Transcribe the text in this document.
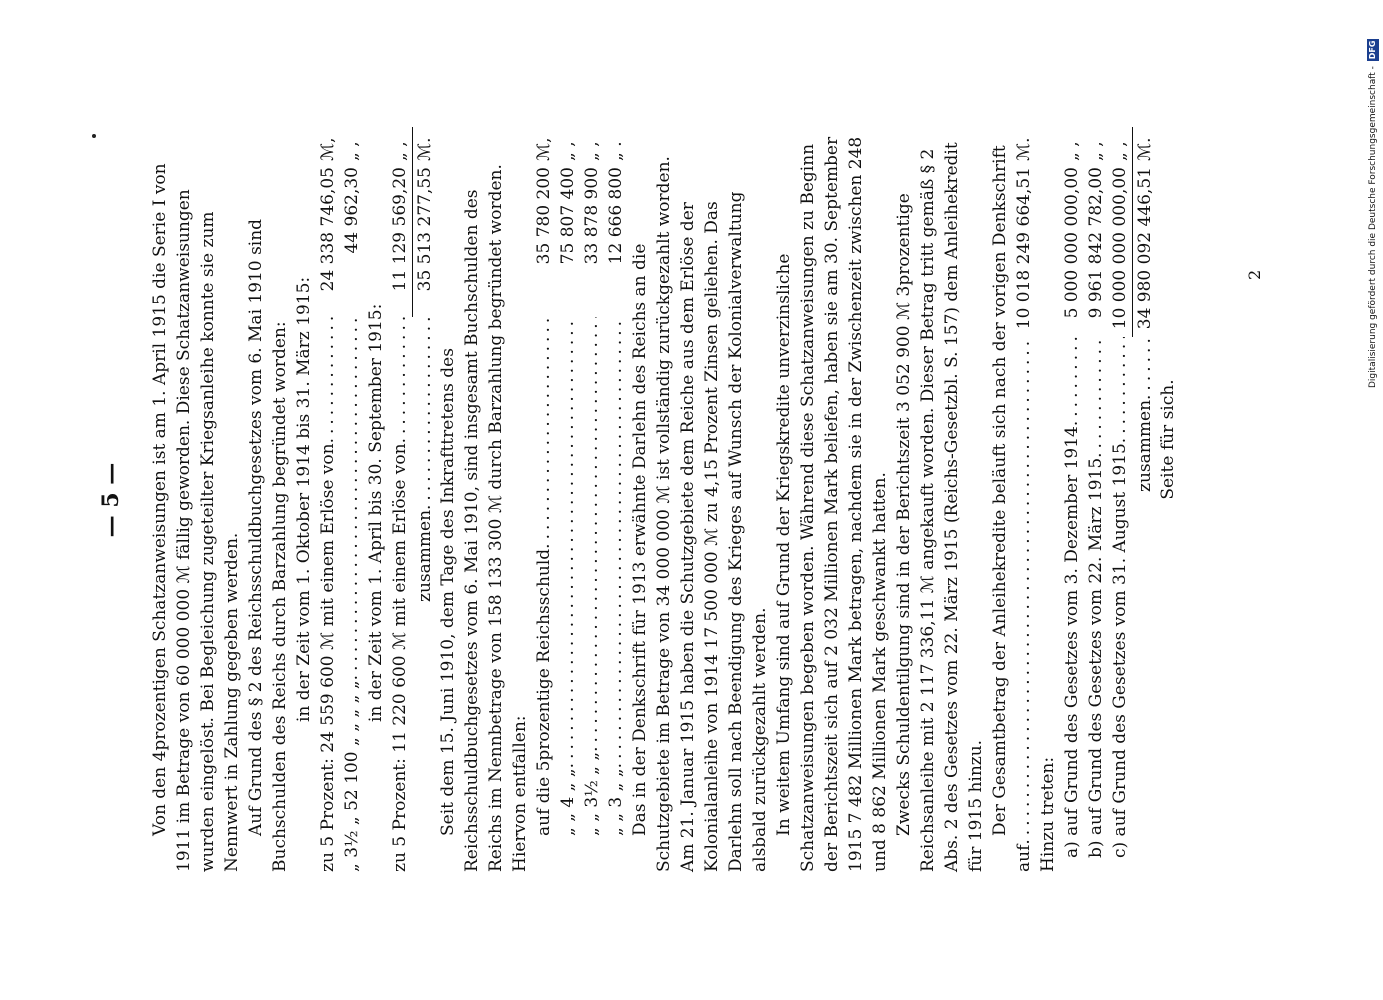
— 5 — Von den 4prozentigen Schatzanweisungen ist am 1. April 1915 die Serie I von 1911 im Betrage von 60 000 000 ℳ fällig geworden. Diese Schatzanweisungen wurden eingelöst. Bei Begleichung zugeteilter Kriegsanleihe konnte sie zum Nennwert in Zahlung gegeben werden. Auf Grund des § 2 des Reichsschuldbuchgesetzes vom 6. Mai 1910 sind Buchschulden des Reichs durch Barzahlung begründet worden: in der Zeit vom 1. Oktober 1914 bis 31. März 1915: zu 5 Prozent: 24 559 600 ℳ mit einem Erlöse von
.....
24 338 746,05
ℳ,
„ 3½ „ 52 100 „ „ „ „ „
.....
44 962,30
„ ,
in der Zeit vom 1. April bis 30. September 1915: zu 5 Prozent: 11 220 600 ℳ mit einem Erlöse von
.....
11 129 569,20
„ ,
zusammen
.....
35 513 277,55
ℳ.

Seit dem 15. Juni 1910, dem Tage des Inkrafttretens des Reichsschuldbuchgesetzes vom 6. Mai 1910, sind insgesamt Buchschulden des Reichs im Nennbetrage von 158 133 300 ℳ durch Barzahlung begründet worden. Hiervon entfallen: auf die 5prozentige Reichsschuld
.....
35 780 200
ℳ,
„ „ 4 „ „
.....
75 807 400
„ ,
„ „ 3½ „ „
.....
33 878 900
„ ,
„ „ 3 „ „
.....
12 666 800
„ .

Das in der Denkschrift für 1913 erwähnte Darlehn des Reichs an die Schutzgebiete im Betrage von 34 000 000 ℳ ist vollständig zurückgezahlt worden. Am 21. Januar 1915 haben die Schutzgebiete dem Reiche aus dem Erlöse der Kolonialanleihe von 1914 17 500 000 ℳ zu 4,15 Prozent Zinsen geliehen. Das Darlehn soll nach Beendigung des Krieges auf Wunsch der Kolonialverwaltung alsbald zurückgezahlt werden. In weitem Umfang sind auf Grund der Kriegskredite unverzinsliche Schatzanweisungen begeben worden. Während diese Schatzanweisungen zu Beginn der Berichtszeit sich auf 2 032 Millionen Mark beliefen, haben sie am 30. September 1915 7 482 Millionen Mark betragen, nachdem sie in der Zwischenzeit zwischen 248 und 8 862 Millionen Mark geschwankt hatten. Zwecks Schuldentilgung sind in der Berichtszeit 3 052 900 ℳ 3prozentige Reichsanleihe mit 2 117 336,11 ℳ angekauft worden. Dieser Betrag tritt gemäß § 2 Abs. 2 des Gesetzes vom 22. März 1915 (Reichs-Gesetzbl. S. 157) dem Anleihekredit für 1915 hinzu. Der Gesamtbetrag der Anleihekredite beläuft sich nach der vorigen Denkschrift

auf
.....
10 018 249 664,51
ℳ.
Hinzu treten: a) auf Grund des Gesetzes vom 3. Dezember 1914
.....
5 000 000 000,00
„ ,
b) auf Grund des Gesetzes vom 22. März 1915
.....
9 961 842 782,00
„ ,
c) auf Grund des Gesetzes vom 31. August 1915
.....
10 000 000 000,00
„ ,
zusammen
.....
34 980 092 446,51
ℳ.

Seite für sich.

2	Digitalisierung gefördert durch die Deutsche Forschungsgemeinschaft - DFG
